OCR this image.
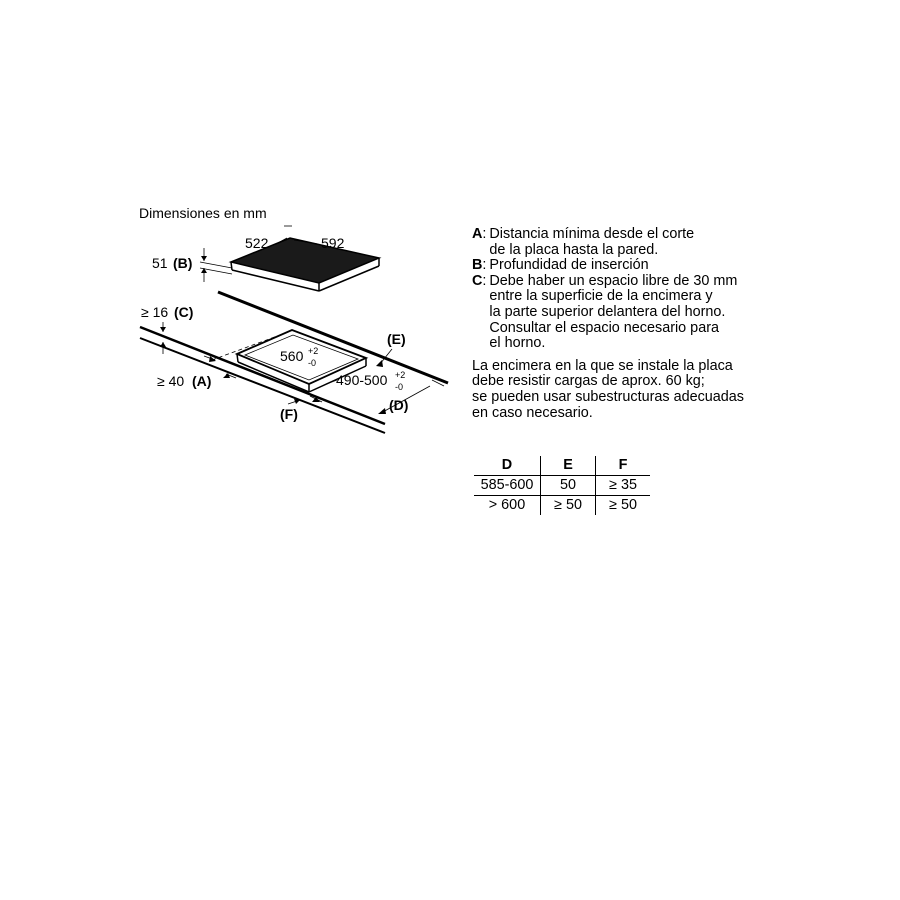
Dimensiones en mm
522	592
51 (B)
≥ 16 (C)
560 +2
-0
490-500 +2
-0
(E)
(D)
≥ 40 (A)
(F)
A : Distancia mínima desde el corte
de la placa hasta la pared.
B : Profundidad de inserción
C : Debe haber un espacio libre de 30 mm
entre la superficie de la encimera y
la parte superior delantera del horno.
Consultar el espacio necesario para
el horno.
La encimera en la que se instale la placa
debe resistir cargas de aprox. 60 kg;
se pueden usar subestructuras adecuadas
en caso necesario.
D	E	F
585-600	50	≥ 35
> 600	≥ 50	≥ 50
